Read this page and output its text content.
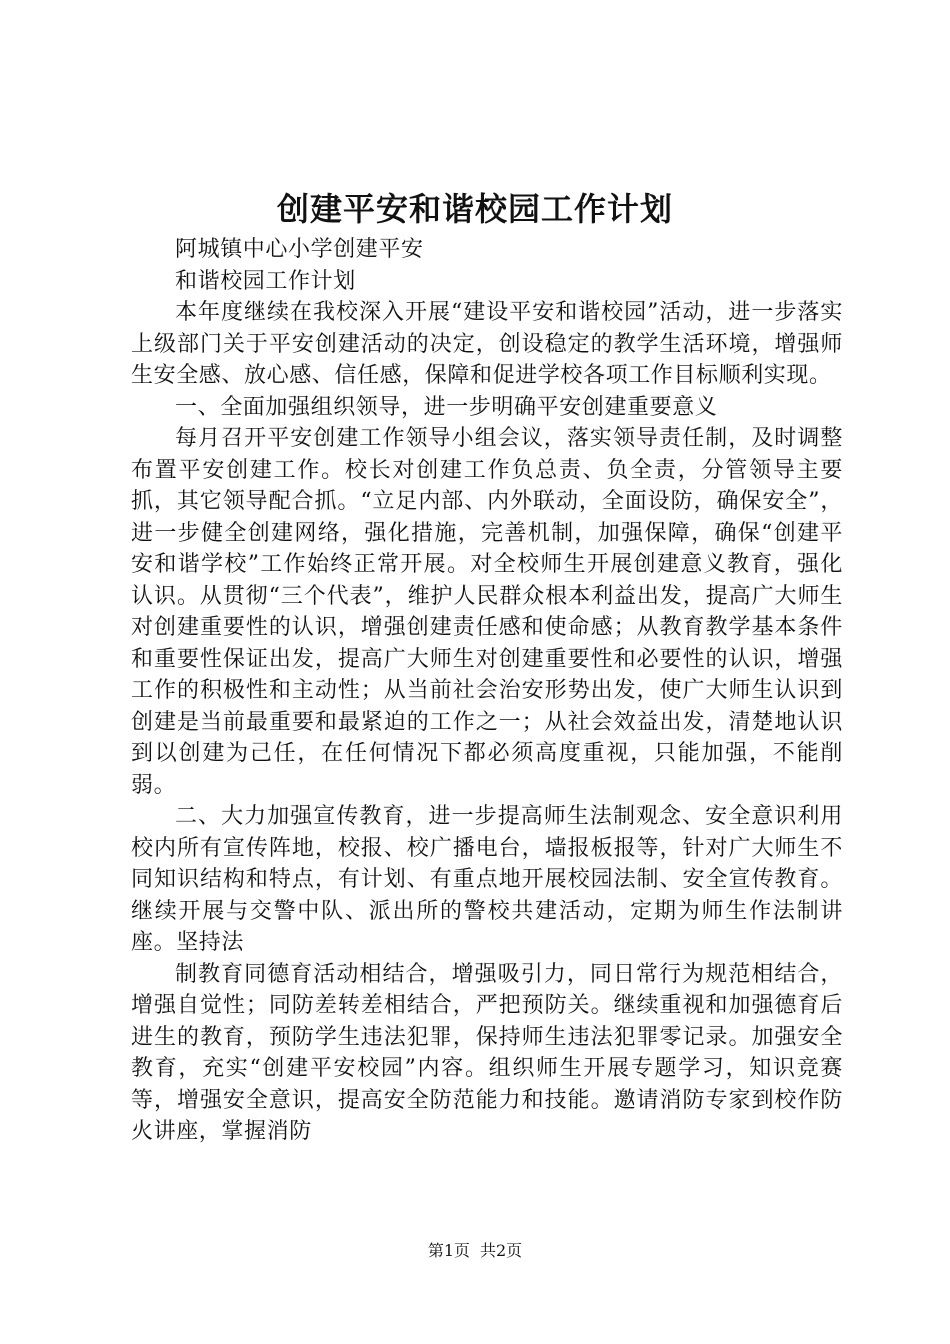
创建平安和谐校园工作计划

阿城镇中心小学创建平安

和谐校园工作计划

本年度继续在我校深入开展“建设平安和谐校园”活动，进一步落实上级部门关于平安创建活动的决定，创设稳定的教学生活环境，增强师生安全感、放心感、信任感，保障和促进学校各项工作目标顺利实现。

一、全面加强组织领导，进一步明确平安创建重要意义

每月召开平安创建工作领导小组会议，落实领导责任制，及时调整布置平安创建工作。校长对创建工作负总责、负全责，分管领导主要抓，其它领导配合抓。“立足内部、内外联动，全面设防，确保安全”，进一步健全创建网络，强化措施，完善机制，加强保障，确保“创建平安和谐学校”工作始终正常开展。对全校师生开展创建意义教育，强化认识。从贯彻“三个代表”，维护人民群众根本利益出发，提高广大师生对创建重要性的认识，增强创建责任感和使命感；从教育教学基本条件和重要性保证出发，提高广大师生对创建重要性和必要性的认识，增强工作的积极性和主动性；从当前社会治安形势出发，使广大师生认识到创建是当前最重要和最紧迫的工作之一；从社会效益出发，清楚地认识到以创建为己任，在任何情况下都必须高度重视，只能加强，不能削弱。

二、大力加强宣传教育，进一步提高师生法制观念、安全意识利用校内所有宣传阵地，校报、校广播电台，墙报板报等，针对广大师生不同知识结构和特点，有计划、有重点地开展校园法制、安全宣传教育。继续开展与交警中队、派出所的警校共建活动，定期为师生作法制讲座。坚持法

制教育同德育活动相结合，增强吸引力，同日常行为规范相结合，增强自觉性；同防差转差相结合，严把预防关。继续重视和加强德育后进生的教育，预防学生违法犯罪，保持师生违法犯罪零记录。加强安全教育，充实“创建平安校园”内容。组织师生开展专题学习，知识竞赛等，增强安全意识，提高安全防范能力和技能。邀请消防专家到校作防火讲座，掌握消防

第1页 共2页
